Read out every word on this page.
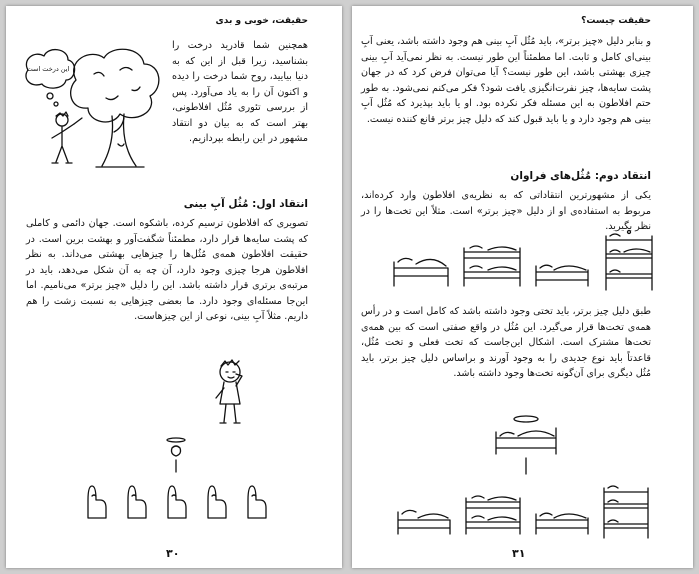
حقیقت، خوبی و بدی
این درخت است

همچنین شما قادرید درخت را بشناسید، زیرا قبل از این که به دنیا بیایید، روح شما درخت را دیده و اکنون آن را به یاد می‌آورد. پس از بررسی تئوری مُثُل افلاطونی، بهتر است که به بیان دو انتقاد مشهور در این رابطه بپردازیم.

انتقاد اول: مُثُل آبِ بینی

تصویری که افلاطون ترسیم کرده، باشکوه است. جهان دائمی و کاملی که پشت سایه‌ها قرار دارد، مطمئناً شگفت‌آور و بهشت برین است. در حقیقت افلاطون همه‌ی مُثُل‌ها را چیزهایی بهشتی می‌داند. به نظر افلاطون هرجا چیزی وجود دارد، آن چه به آن شکل می‌دهد، باید در مرتبه‌ی برتری قرار داشته باشد. این را دلیل «چیز برتر» می‌نامیم. اما این‌جا مسئله‌ای وجود دارد. ما بعضی چیزهایی به نسبت زشت را هم داریم. مثلاً آبِ بینی، نوعی از این چیزهاست.

۳۰
حقیقت چیست؟

و بنابر دلیل «چیز برتر»، باید مُثُل آبِ بینی هم وجود داشته باشد، یعنی آبِ بینی‌ای کامل و ثابت. اما مطمئناً این طور نیست. به نظر نمی‌آید آبِ بینی چیزی بهشتی باشد، این طور نیست؟ آیا می‌توان فرض کرد که در جهان پشت سایه‌ها، چیز نفرت‌انگیزی یافت شود؟ فکر می‌کنم نمی‌شود. به طور حتم افلاطون به این مسئله فکر نکرده بود. او یا باید بپذیرد که مُثُل آبِ بینی هم وجود دارد و یا باید قبول کند که دلیل چیز برتر قانع کننده نیست.

انتقاد دوم: مُثُل‌های فراوان

یکی از مشهورترین انتقاداتی که به نظریه‌ی افلاطون وارد کرده‌اند، مربوط به استفاده‌ی او از دلیل «چیز برتر» است. مثلاً این تخت‌ها را در نظر بگیرید.

طبق دلیل چیز برتر، باید تختی وجود داشته باشد که کامل است و در رأس همه‌ی تخت‌ها قرار می‌گیرد. این مُثُل در واقع صفتی است که بین همه‌ی تخت‌ها مشترک است. اشکال این‌جاست که تخت فعلی و تخت مُثُل، قاعدتاً باید نوع جدیدی را به وجود آورند و براساس دلیل چیز برتر، باید مُثُل دیگری برای آن‌گونه تخت‌ها وجود داشته باشد.

۳۱
